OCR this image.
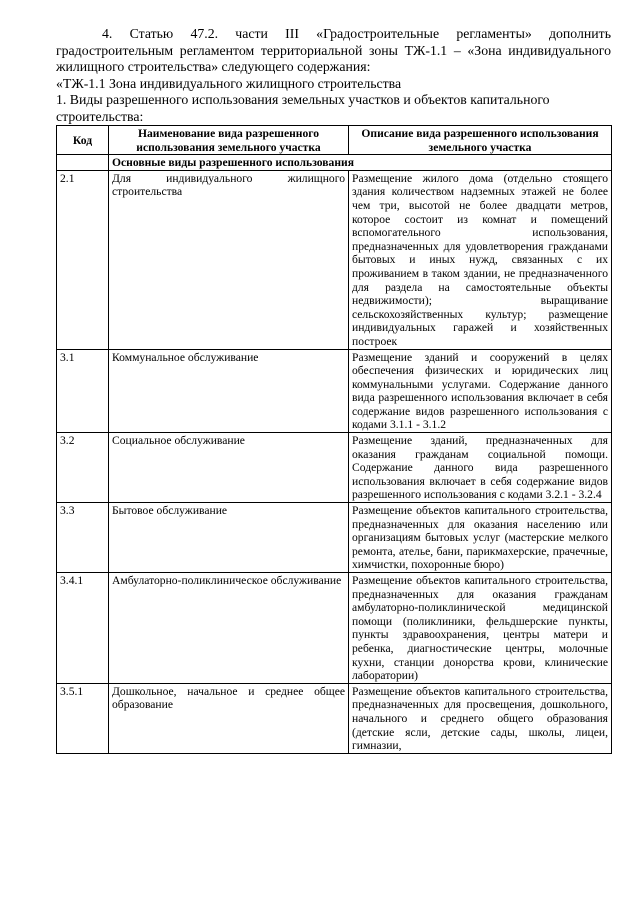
4. Статью 47.2. части III «Градостроительные регламенты» дополнить градостроительным регламентом территориальной зоны ТЖ-1.1 – «Зона индивидуального жилищного строительства» следующего содержания:

«ТЖ-1.1 Зона индивидуального жилищного строительства

1. Виды разрешенного использования земельных участков и объектов капитального строительства:

Код	Наименование вида разрешенного использования земельного участка	Описание вида разрешенного использования земельного участка
	Основные виды разрешенного использования	
2.1	Для индивидуального жилищного строительства	Размещение жилого дома (отдельно стоящего здания количеством надземных этажей не более чем три, высотой не более двадцати метров, которое состоит из комнат и помещений вспомогательного использования, предназначенных для удовлетворения гражданами бытовых и иных нужд, связанных с их проживанием в таком здании, не предназначенного для раздела на самостоятельные объекты недвижимости); выращивание сельскохозяйственных культур; размещение индивидуальных гаражей и хозяйственных построек
3.1	Коммунальное обслуживание	Размещение зданий и сооружений в целях обеспечения физических и юридических лиц коммунальными услугами. Содержание данного вида разрешенного использования включает в себя содержание видов разрешенного использования с кодами 3.1.1 - 3.1.2
3.2	Социальное обслуживание	Размещение зданий, предназначенных для оказания гражданам социальной помощи. Содержание данного вида разрешенного использования включает в себя содержание видов разрешенного использования с кодами 3.2.1 - 3.2.4
3.3	Бытовое обслуживание	Размещение объектов капитального строительства, предназначенных для оказания населению или организациям бытовых услуг (мастерские мелкого ремонта, ателье, бани, парикмахерские, прачечные, химчистки, похоронные бюро)
3.4.1	Амбулаторно-поликлиническое обслуживание	Размещение объектов капитального строительства, предназначенных для оказания гражданам амбулаторно-поликлинической медицинской помощи (поликлиники, фельдшерские пункты, пункты здравоохранения, центры матери и ребенка, диагностические центры, молочные кухни, станции донорства крови, клинические лаборатории)
3.5.1	Дошкольное, начальное и среднее общее образование	Размещение объектов капитального строительства, предназначенных для просвещения, дошкольного, начального и среднего общего образования (детские ясли, детские сады, школы, лицеи, гимназии,
